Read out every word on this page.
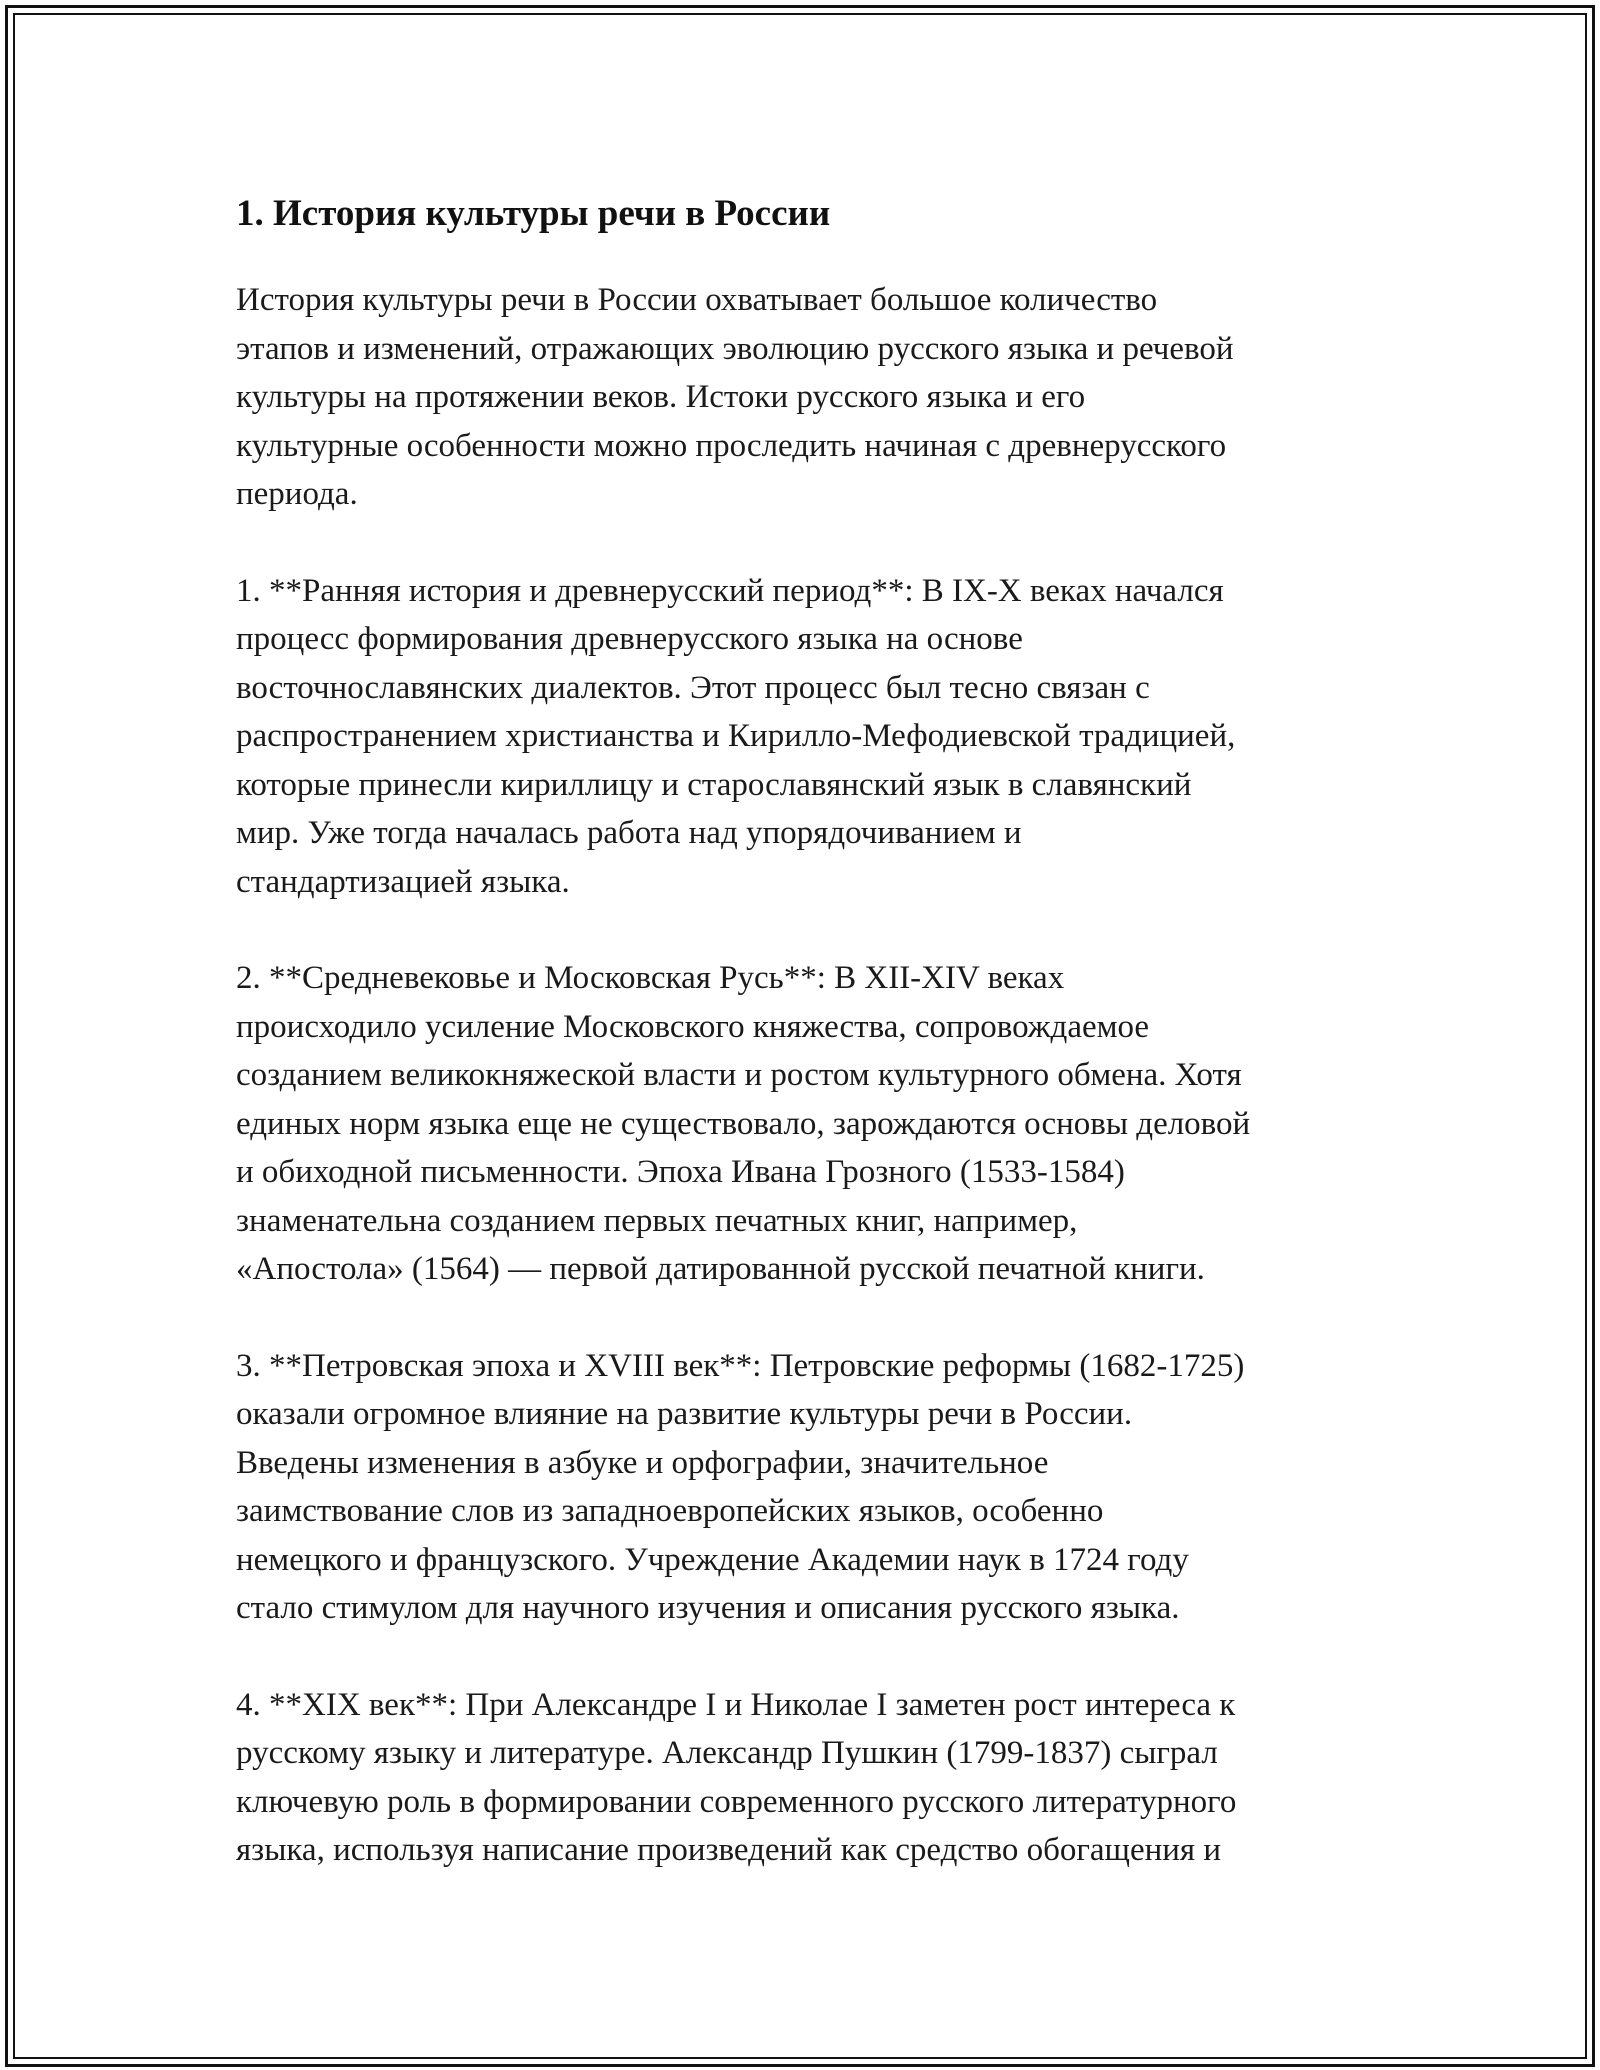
1. История культуры речи в России

История культуры речи в России охватывает большое количество
этапов и изменений, отражающих эволюцию русского языка и речевой
культуры на протяжении веков. Истоки русского языка и его
культурные особенности можно проследить начиная с древнерусского
периода.

1. **Ранняя история и древнерусский период**: В IX-X веках начался
процесс формирования древнерусского языка на основе
восточнославянских диалектов. Этот процесс был тесно связан с
распространением христианства и Кирилло-Мефодиевской традицией,
которые принесли кириллицу и старославянский язык в славянский
мир. Уже тогда началась работа над упорядочиванием и
стандартизацией языка.

2. **Средневековье и Московская Русь**: В XII-XIV веках
происходило усиление Московского княжества, сопровождаемое
созданием великокняжеской власти и ростом культурного обмена. Хотя
единых норм языка еще не существовало, зарождаются основы деловой
и обиходной письменности. Эпоха Ивана Грозного (1533-1584)
знаменательна созданием первых печатных книг, например,
«Апостола» (1564) — первой датированной русской печатной книги.

3. **Петровская эпоха и XVIII век**: Петровские реформы (1682-1725)
оказали огромное влияние на развитие культуры речи в России.
Введены изменения в азбуке и орфографии, значительное
заимствование слов из западноевропейских языков, особенно
немецкого и французского. Учреждение Академии наук в 1724 году
стало стимулом для научного изучения и описания русского языка.

4. **XIX век**: При Александре I и Николае I заметен рост интереса к
русскому языку и литературе. Александр Пушкин (1799-1837) сыграл
ключевую роль в формировании современного русского литературного
языка, используя написание произведений как средство обогащения и
